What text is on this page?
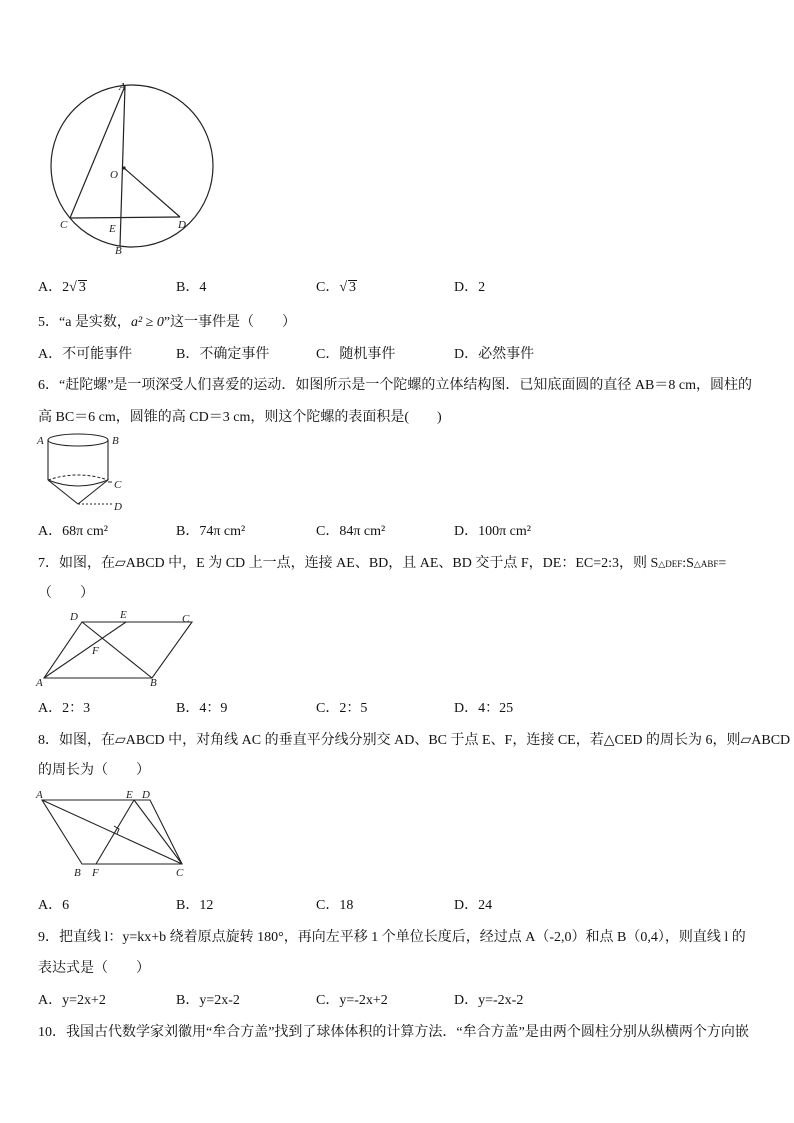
A
O
C	E	D
B
A．2√ 3	B．4	C．√ 3	D．2
5．“a 是实数，a² ≥ 0”这一事件是（　　）
A．不可能事件	B．不确定事件	C．随机事件	D．必然事件
6．“赶陀螺”是一项深受人们喜爱的运动．如图所示是一个陀螺的立体结构图．已知底面圆的直径 AB＝8 cm，圆柱的
高 BC＝6 cm，圆锥的高 CD＝3 cm，则这个陀螺的表面积是(　　)
A	B
C
D
A．68π cm²	B．74π cm²	C．84π cm²	D．100π cm²
7．如图，在▱ABCD 中，E 为 CD 上一点，连接 AE、BD，且 AE、BD 交于点 F，DE：EC=2:3，则 S△DEF:S△ABF=
（　　）
D	E	C
F
A	B
A．2：3	B．4：9	C．2：5	D．4：25
8．如图，在▱ABCD 中，对角线 AC 的垂直平分线分别交 AD、BC 于点 E、F，连接 CE，若△CED 的周长为 6，则▱ABCD
的周长为（　　）
A	E D
B F	C
A．6	B．12	C．18	D．24
9．把直线 l：y=kx+b 绕着原点旋转 180°，再向左平移 1 个单位长度后，经过点 A（-2,0）和点 B（0,4），则直线 l 的
表达式是（　　）
A．y=2x+2	B．y=2x-2	C．y=-2x+2	D．y=-2x-2
10．我国古代数学家刘徽用“牟合方盖”找到了球体体积的计算方法．“牟合方盖”是由两个圆柱分别从纵横两个方向嵌
